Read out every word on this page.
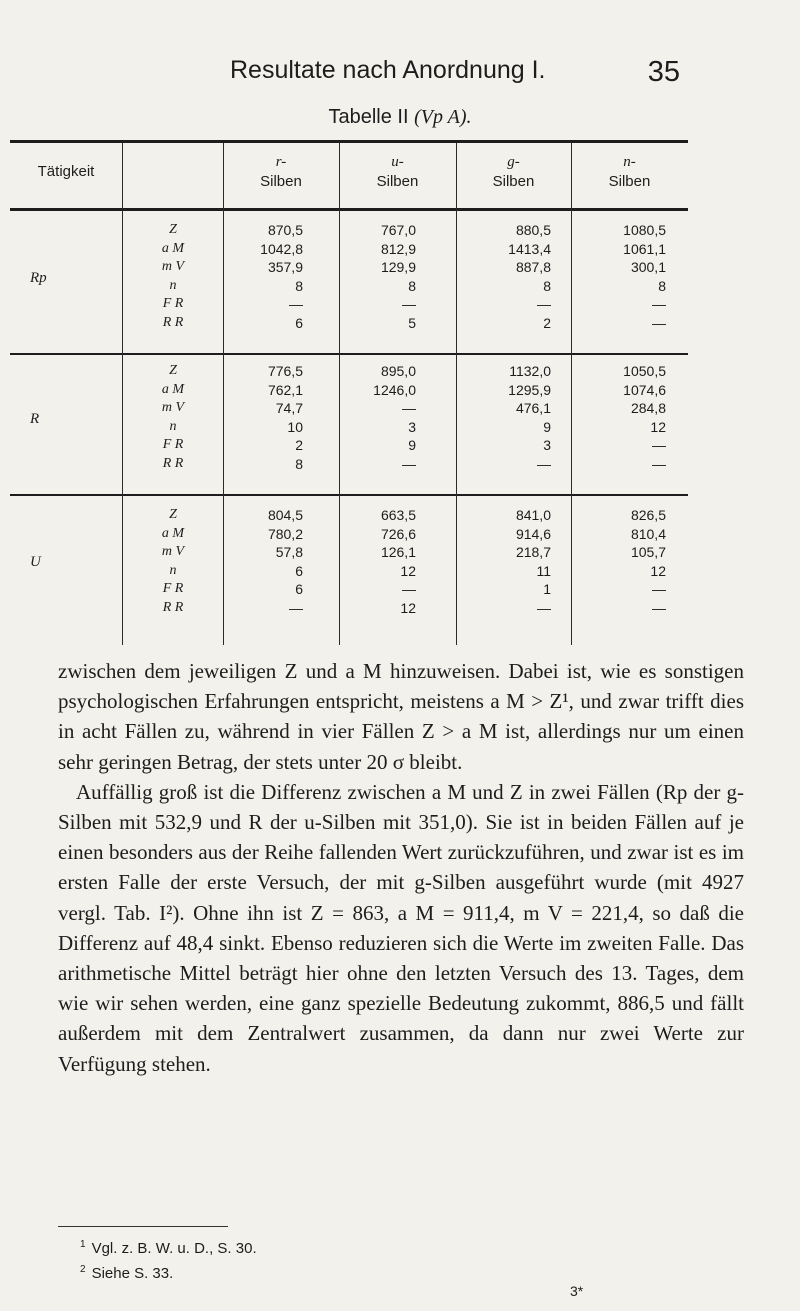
Resultate nach Anordnung I.	35
Tabelle II (Vp A).
Tätigkeit
r-
Silben
u-
Silben
g-
Silben
n-
Silben
Rp
Z
a M
m V
n
F R
R R
870,5
1042,8
357,9
8
—
6
767,0
812,9
129,9
8
—
5
880,5
1413,4
887,8
8
—
2
1080,5
1061,1
300,1
8
—
—
R
Z
a M
m V
n
F R
R R
776,5
762,1
74,7
10
2
8
895,0
1246,0
—
3
9
—
1132,0
1295,9
476,1
9
3
—
1050,5
1074,6
284,8
12
—
—
U
Z
a M
m V
n
F R
R R
804,5
780,2
57,8
6
6
—
663,5
726,6
126,1
12
—
12
841,0
914,6
218,7
11
1
—
826,5
810,4
105,7
12
—
—

zwischen dem jeweiligen Z und a M hinzuweisen. Dabei ist, wie es sonstigen psychologischen Erfahrungen entspricht, meistens a M > Z¹, und zwar trifft dies in acht Fällen zu, während in vier Fällen Z > a M ist, allerdings nur um einen sehr geringen Betrag, der stets unter 20 σ bleibt.

Auffällig groß ist die Differenz zwischen a M und Z in zwei Fällen (Rp der g-Silben mit 532,9 und R der u-Silben mit 351,0). Sie ist in beiden Fällen auf je einen besonders aus der Reihe fallenden Wert zurückzuführen, und zwar ist es im ersten Falle der erste Versuch, der mit g-Silben ausgeführt wurde (mit 4927 vergl. Tab. I²). Ohne ihn ist Z = 863, a M = 911,4, m V = 221,4, so daß die Differenz auf 48,4 sinkt. Ebenso reduzieren sich die Werte im zweiten Falle. Das arithmetische Mittel beträgt hier ohne den letzten Versuch des 13. Tages, dem wie wir sehen werden, eine ganz spezielle Bedeutung zukommt, 886,5 und fällt außerdem mit dem Zentralwert zusammen, da dann nur zwei Werte zur Verfügung stehen.

$^1$ Vgl. z. B. W. u. D., S. 30.
$^2$ Siehe S. 33.
3*
